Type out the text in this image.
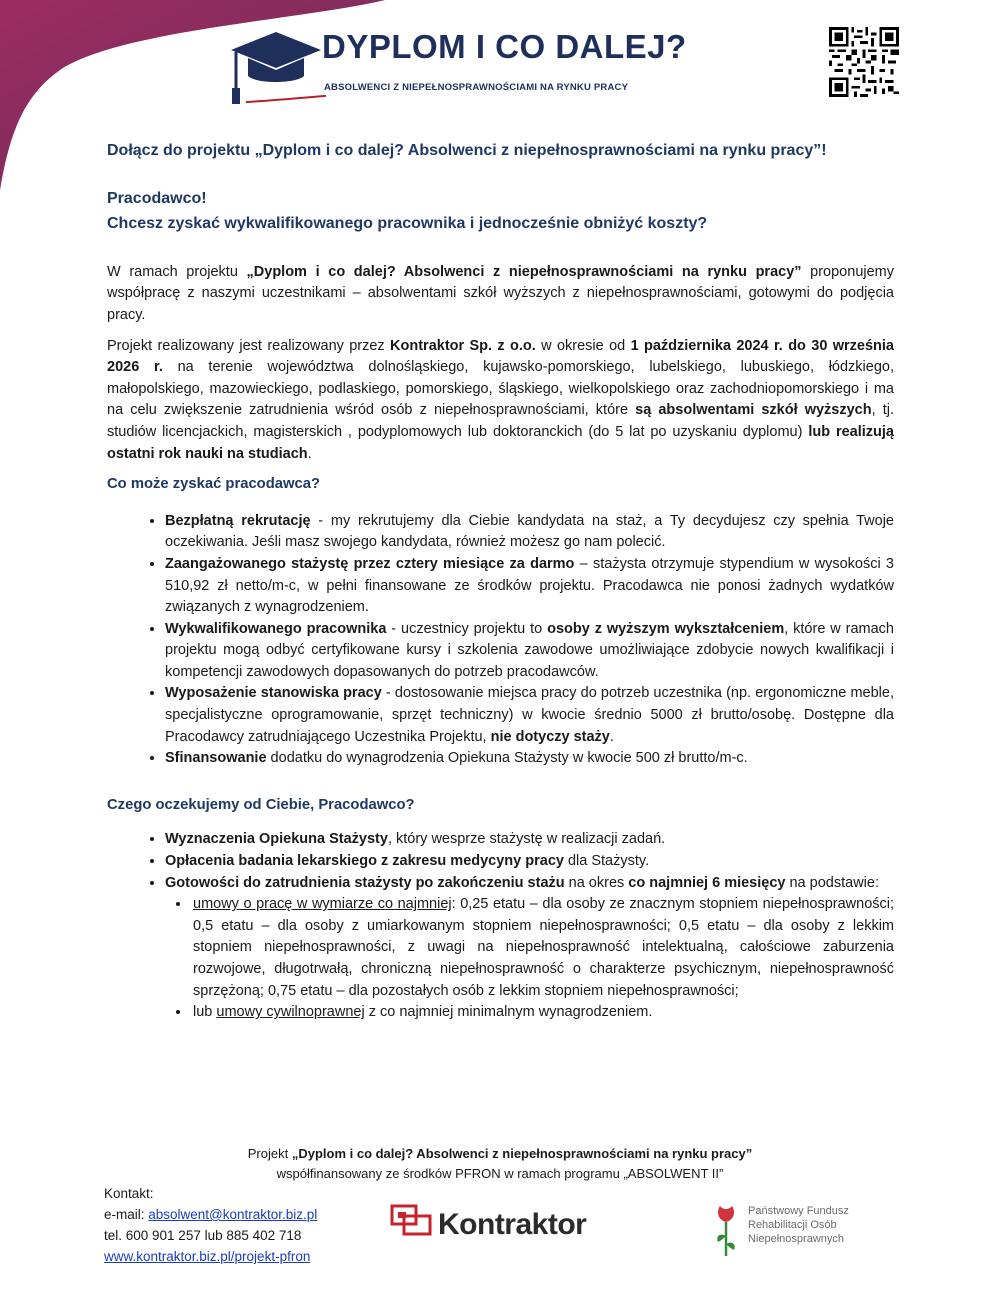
DYPLOM I CO DALEJ?
ABSOLWENCI Z NIEPEŁNOSPRAWNOŚCIAMI NA RYNKU PRACY
Dołącz do projektu „Dyplom i co dalej? Absolwenci z niepełnosprawnościami na rynku pracy”!
Pracodawco!
Chcesz zyskać wykwalifikowanego pracownika i jednocześnie obniżyć koszty?

W ramach projektu „Dyplom i co dalej? Absolwenci z niepełnosprawnościami na rynku pracy” proponujemy współpracę z naszymi uczestnikami – absolwentami szkół wyższych z niepełnosprawnościami, gotowymi do podjęcia pracy.

Projekt realizowany jest realizowany przez Kontraktor Sp. z o.o. w okresie od 1 października 2024 r. do 30 września 2026 r. na terenie województwa dolnośląskiego, kujawsko-pomorskiego, lubelskiego, lubuskiego, łódzkiego, małopolskiego, mazowieckiego, podlaskiego, pomorskiego, śląskiego, wielkopolskiego oraz zachodniopomorskiego i ma na celu zwiększenie zatrudnienia wśród osób z niepełnosprawnościami, które są absolwentami szkół wyższych, tj. studiów licencjackich, magisterskich , podyplomowych lub doktoranckich (do 5 lat po uzyskaniu dyplomu) lub realizują ostatni rok nauki na studiach.

Co może zyskać pracodawca?
• Bezpłatną rekrutację - my rekrutujemy dla Ciebie kandydata na staż, a Ty decydujesz czy spełnia Twoje oczekiwania. Jeśli masz swojego kandydata, również możesz go nam polecić.
• Zaangażowanego stażystę przez cztery miesiące za darmo – stażysta otrzymuje stypendium w wysokości 3 510,92 zł netto/m-c, w pełni finansowane ze środków projektu. Pracodawca nie ponosi żadnych wydatków związanych z wynagrodzeniem.
• Wykwalifikowanego pracownika - uczestnicy projektu to osoby z wyższym wykształceniem, które w ramach projektu mogą odbyć certyfikowane kursy i szkolenia zawodowe umożliwiające zdobycie nowych kwalifikacji i kompetencji zawodowych dopasowanych do potrzeb pracodawców.
• Wyposażenie stanowiska pracy - dostosowanie miejsca pracy do potrzeb uczestnika (np. ergonomiczne meble, specjalistyczne oprogramowanie, sprzęt techniczny) w kwocie średnio 5000 zł brutto/osobę. Dostępne dla Pracodawcy zatrudniającego Uczestnika Projektu, nie dotyczy staży.
• Sfinansowanie dodatku do wynagrodzenia Opiekuna Stażysty w kwocie 500 zł brutto/m-c.
Czego oczekujemy od Ciebie, Pracodawco?
• Wyznaczenia Opiekuna Stażysty, który wesprze stażystę w realizacji zadań.
• Opłacenia badania lekarskiego z zakresu medycyny pracy dla Stażysty.
• Gotowości do zatrudnienia stażysty po zakończeniu stażu na okres co najmniej 6 miesięcy na podstawie:
• umowy o pracę w wymiarze co najmniej: 0,25 etatu – dla osoby ze znacznym stopniem niepełnosprawności; 0,5 etatu – dla osoby z umiarkowanym stopniem niepełnosprawności; 0,5 etatu – dla osoby z lekkim stopniem niepełnosprawności, z uwagi na niepełnosprawność intelektualną, całościowe zaburzenia rozwojowe, długotrwałą, chroniczną niepełnosprawność o charakterze psychicznym, niepełnosprawność sprzężoną; 0,75 etatu – dla pozostałych osób z lekkim stopniem niepełnosprawności;
• lub umowy cywilnoprawnej z co najmniej minimalnym wynagrodzeniem.
Projekt „Dyplom i co dalej? Absolwenci z niepełnosprawnościami na rynku pracy”
współfinansowany ze środków PFRON w ramach programu „ABSOLWENT II”
Kontakt:
e-mail: absolwent@kontraktor.biz.pl
tel. 600 901 257 lub 885 402 718
www.kontraktor.biz.pl/projekt-pfron
Kontraktor	Państwowy Fundusz
Rehabilitacji Osób
Niepełnosprawnych
